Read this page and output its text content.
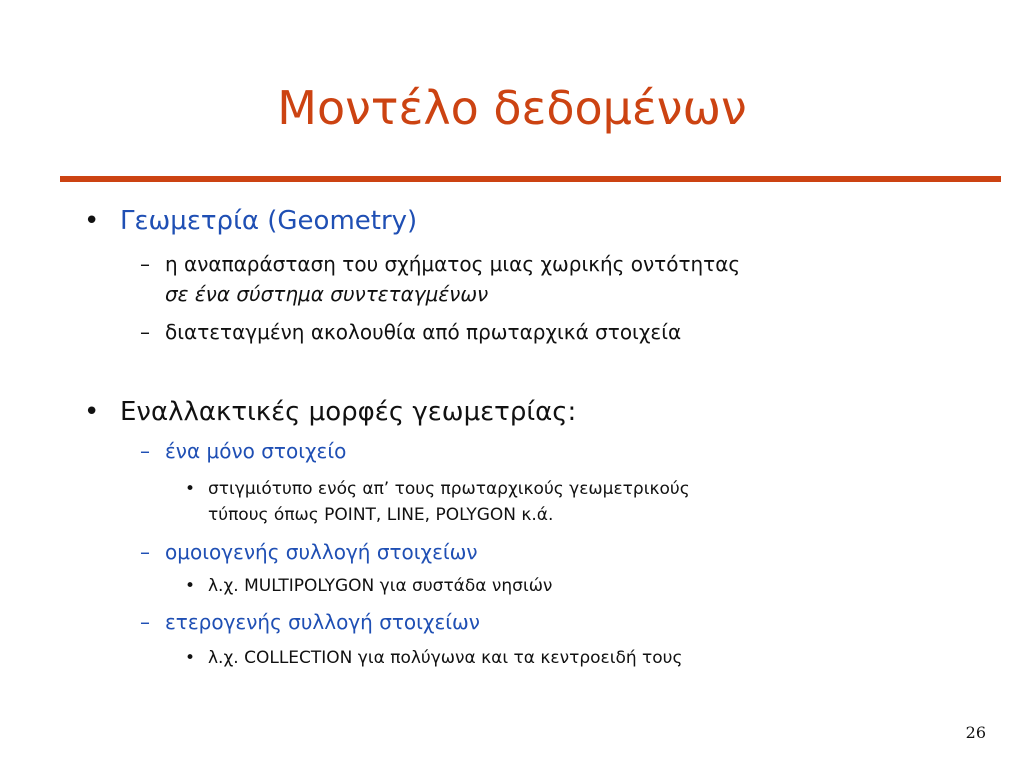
Μοντέλο δεδομένων
• Γεωμετρία (Geometry)
– η αναπαράσταση του σχήματος μιας χωρικής οντότητας
σε ένα σύστημα συντεταγμένων
– διατεταγμένη ακολουθία από πρωταρχικά στοιχεία
• Εναλλακτικές μορφές γεωμετρίας:
– ένα μόνο στοιχείο
• στιγμιότυπο ενός απ’ τους πρωταρχικούς γεωμετρικούς
τύπους όπως POINT, LINE, POLYGON κ.ά.
– ομοιογενής συλλογή στοιχείων
• λ.χ. MULTIPOLYGON για συστάδα νησιών
– ετερογενής συλλογή στοιχείων
• λ.χ. COLLECTION για πολύγωνα και τα κεντροειδή τους
26
